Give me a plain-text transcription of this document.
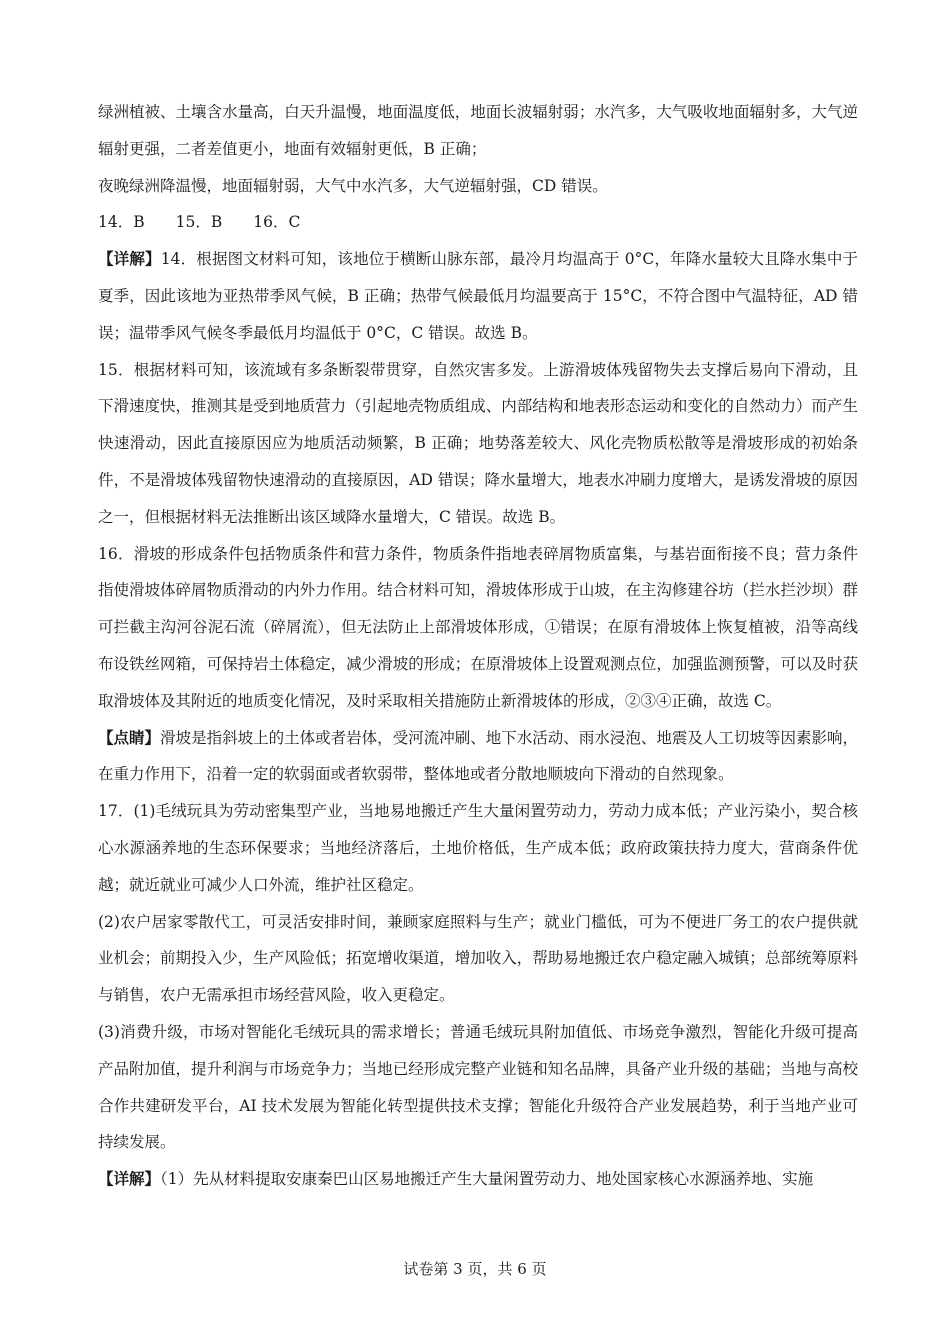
绿洲植被、土壤含水量高，白天升温慢，地面温度低，地面长波辐射弱；水汽多，大气吸收地面辐射多，大气逆辐射更强，二者差值更小，地面有效辐射更低，B 正确；

夜晚绿洲降温慢，地面辐射弱，大气中水汽多，大气逆辐射强，CD 错误。

14．B　　15．B　　16．C

【详解】14．根据图文材料可知，该地位于横断山脉东部，最冷月均温高于 0°C，年降水量较大且降水集中于夏季，因此该地为亚热带季风气候，B 正确；热带气候最低月均温要高于 15°C，不符合图中气温特征，AD 错误；温带季风气候冬季最低月均温低于 0°C，C 错误。故选 B。

15．根据材料可知，该流域有多条断裂带贯穿，自然灾害多发。上游滑坡体残留物失去支撑后易向下滑动，且下滑速度快，推测其是受到地质营力（引起地壳物质组成、内部结构和地表形态运动和变化的自然动力）而产生快速滑动，因此直接原因应为地质活动频繁，B 正确；地势落差较大、风化壳物质松散等是滑坡形成的初始条件，不是滑坡体残留物快速滑动的直接原因，AD 错误；降水量增大，地表水冲刷力度增大，是诱发滑坡的原因之一，但根据材料无法推断出该区域降水量增大，C 错误。故选 B。

16．滑坡的形成条件包括物质条件和营力条件，物质条件指地表碎屑物质富集，与基岩面衔接不良；营力条件指使滑坡体碎屑物质滑动的内外力作用。结合材料可知，滑坡体形成于山坡，在主沟修建谷坊（拦水拦沙坝）群可拦截主沟河谷泥石流（碎屑流），但无法防止上部滑坡体形成，①错误；在原有滑坡体上恢复植被，沿等高线布设铁丝网箱，可保持岩土体稳定，减少滑坡的形成；在原滑坡体上设置观测点位，加强监测预警，可以及时获取滑坡体及其附近的地质变化情况，及时采取相关措施防止新滑坡体的形成，②③④正确，故选 C。

【点睛】滑坡是指斜坡上的土体或者岩体，受河流冲刷、地下水活动、雨水浸泡、地震及人工切坡等因素影响，在重力作用下，沿着一定的软弱面或者软弱带，整体地或者分散地顺坡向下滑动的自然现象。

17．(1)毛绒玩具为劳动密集型产业，当地易地搬迁产生大量闲置劳动力，劳动力成本低；产业污染小，契合核心水源涵养地的生态环保要求；当地经济落后，土地价格低，生产成本低；政府政策扶持力度大，营商条件优越；就近就业可减少人口外流，维护社区稳定。

(2)农户居家零散代工，可灵活安排时间，兼顾家庭照料与生产；就业门槛低，可为不便进厂务工的农户提供就业机会；前期投入少，生产风险低；拓宽增收渠道，增加收入，帮助易地搬迁农户稳定融入城镇；总部统筹原料与销售，农户无需承担市场经营风险，收入更稳定。

(3)消费升级，市场对智能化毛绒玩具的需求增长；普通毛绒玩具附加值低、市场竞争激烈，智能化升级可提高产品附加值，提升利润与市场竞争力；当地已经形成完整产业链和知名品牌，具备产业升级的基础；当地与高校合作共建研发平台，AI 技术发展为智能化转型提供技术支撑；智能化升级符合产业发展趋势，利于当地产业可持续发展。

【详解】（1）先从材料提取安康秦巴山区易地搬迁产生大量闲置劳动力、地处国家核心水源涵养地、实施

试卷第 3 页，共 6 页
